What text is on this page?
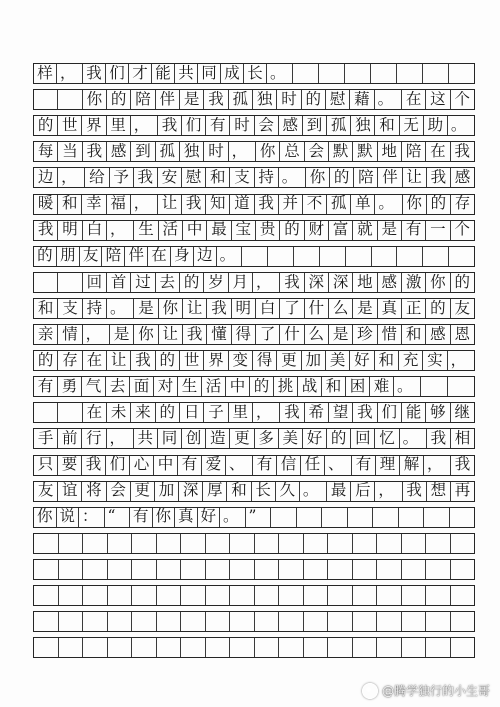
样 ， 我 们 才 能 共 同 成 长 。
你 的 陪 伴 是 我 孤 独 时 的 慰 藉 。 在 这 个
的 世 界 里 ， 我 们 有 时 会 感 到 孤 独 和 无 助 。
每 当 我 感 到 孤 独 时 ， 你 总 会 默 默 地 陪 在 我
边 ， 给 予 我 安 慰 和 支 持 。 你 的 陪 伴 让 我 感
暖 和 幸 福 ， 让 我 知 道 我 并 不 孤 单 。 你 的 存
我 明 白 ， 生 活 中 最 宝 贵 的 财 富 就 是 有 一 个
的 朋 友 陪 伴 在 身 边 。
回 首 过 去 的 岁 月 ， 我 深 深 地 感 激 你 的
和 支 持 。 是 你 让 我 明 白 了 什 么 是 真 正 的 友
亲 情 ， 是 你 让 我 懂 得 了 什 么 是 珍 惜 和 感 恩
的 存 在 让 我 的 世 界 变 得 更 加 美 好 和 充 实 ，
有 勇 气 去 面 对 生 活 中 的 挑 战 和 困 难 。
在 未 来 的 日 子 里 ， 我 希 望 我 们 能 够 继
手 前 行 ， 共 同 创 造 更 多 美 好 的 回 忆 。 我 相
只 要 我 们 心 中 有 爱 、 有 信 任 、 有 理 解 ， 我
友 谊 将 会 更 加 深 厚 和 长 久 。 最 后 ， 我 想 再
你 说 ： “	有 你 真 好 。 ”
@腾学独行的小生哥
